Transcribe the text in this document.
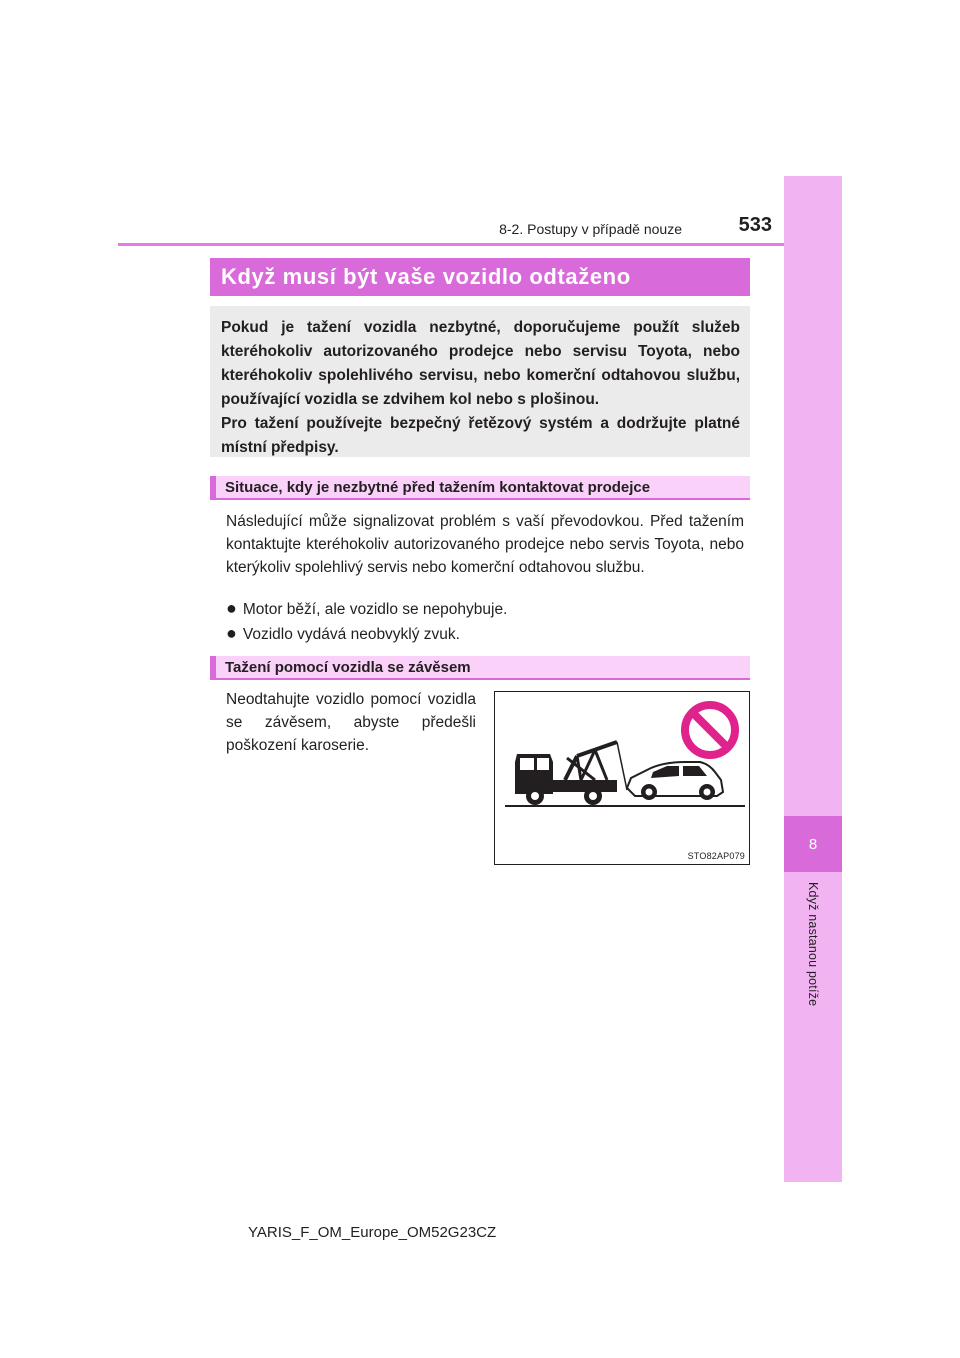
8
Když nastanou potíže
8-2. Postupy v případě nouze	533
Když musí být vaše vozidlo odtaženo

Pokud je tažení vozidla nezbytné, doporučujeme použít služeb kteréhokoliv autorizovaného prodejce nebo servisu Toyota, nebo kteréhokoliv spolehlivého servisu, nebo komerční odtahovou službu, používající vozidla se zdvihem kol nebo s plošinou.

Pro tažení používejte bezpečný řetězový systém a dodržujte platné místní předpisy.

Situace, kdy je nezbytné před tažením kontaktovat prodejce

Následující může signalizovat problém s vaší převodovkou. Před tažením kontaktujte kteréhokoliv autorizovaného prodejce nebo servis Toyota, nebo kterýkoliv spolehlivý servis nebo komerční odtahovou službu.

● Motor běží, ale vozidlo se nepohybuje.
● Vozidlo vydává neobvyklý zvuk.
Tažení pomocí vozidla se závěsem

Neodtahujte vozidlo pomocí vozidla se závěsem, abyste předešli poškození karoserie.

STO82AP079
YARIS_F_OM_Europe_OM52G23CZ
